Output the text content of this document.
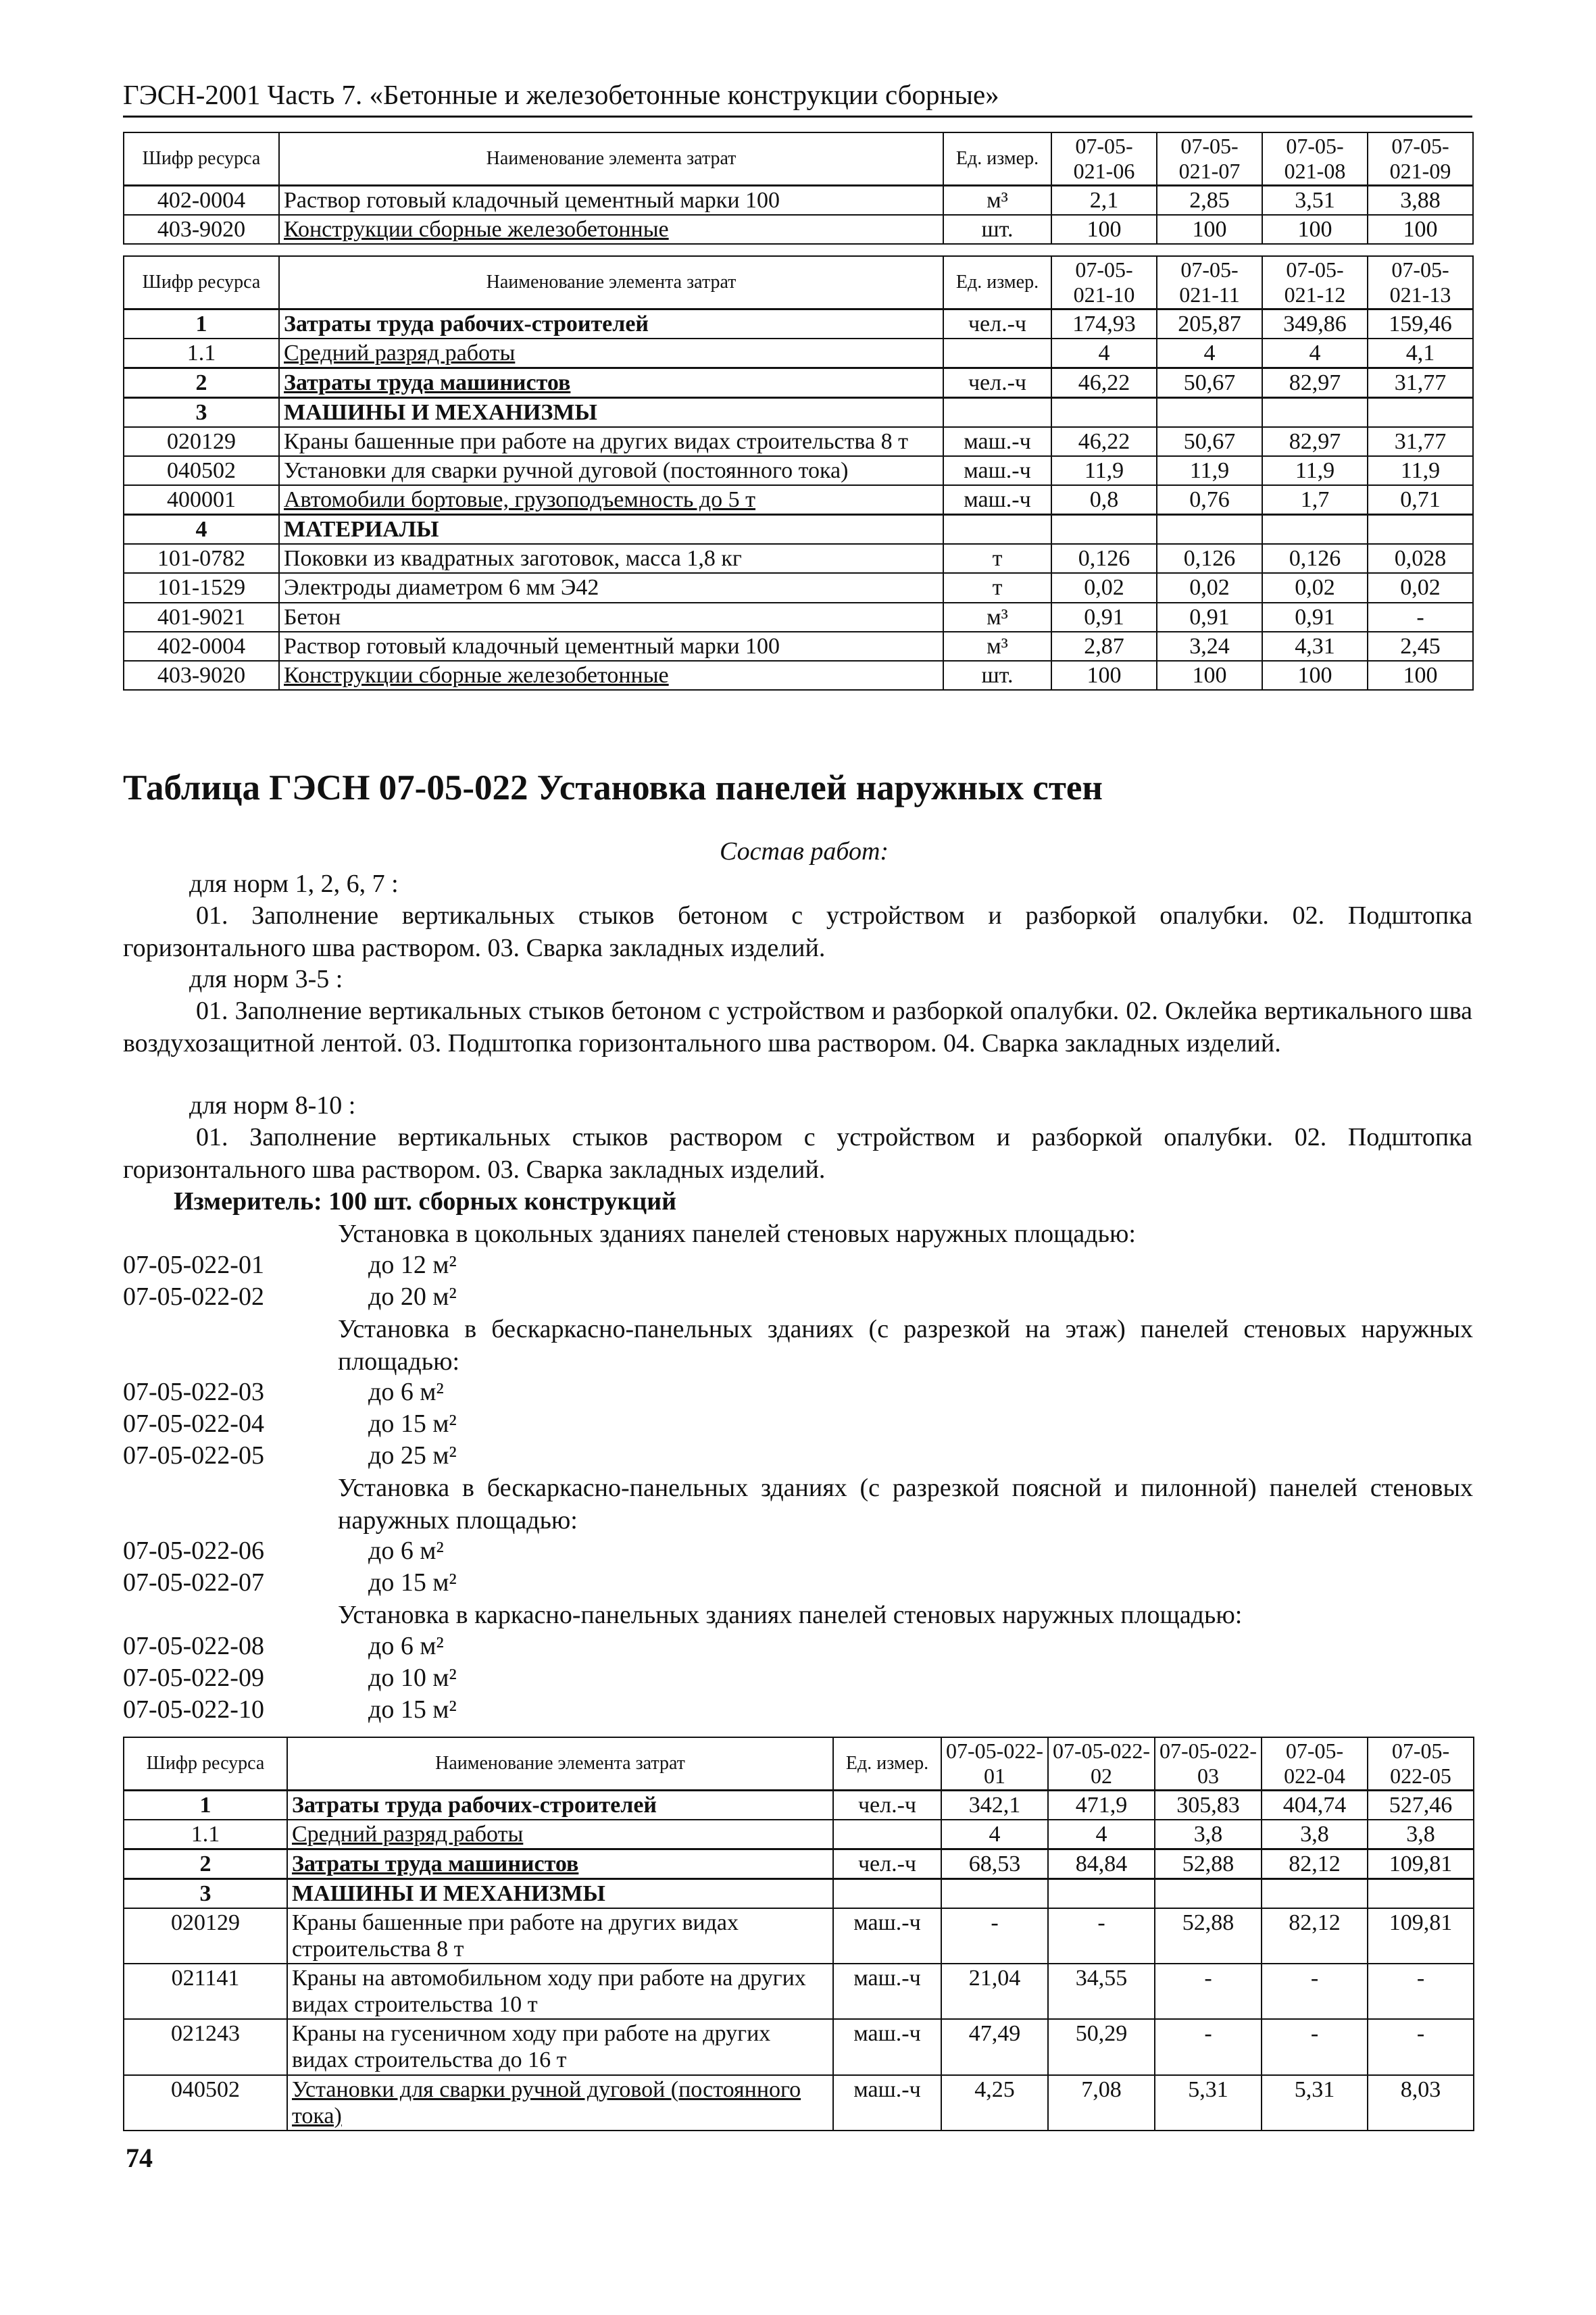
ГЭСН-2001 Часть 7. «Бетонные и железобетонные конструкции сборные»
Шифр ресурса	Наименование элемента затрат	Ед. измер.	07-05-021-06	07-05-021-07	07-05-021-08	07-05-021-09
402-0004	Раствор готовый кладочный цементный марки 100	м³	2,1	2,85	3,51	3,88
403-9020	Конструкции сборные железобетонные	шт.	100	100	100	100
Шифр ресурса	Наименование элемента затрат	Ед. измер.	07-05-021-10	07-05-021-11	07-05-021-12	07-05-021-13
1	Затраты труда рабочих-строителей	чел.-ч	174,93	205,87	349,86	159,46
1.1	Средний разряд работы		4	4	4	4,1
2	Затраты труда машинистов	чел.-ч	46,22	50,67	82,97	31,77
3	МАШИНЫ И МЕХАНИЗМЫ					
020129	Краны башенные при работе на других видах строительства 8 т	маш.-ч	46,22	50,67	82,97	31,77
040502	Установки для сварки ручной дуговой (постоянного тока)	маш.-ч	11,9	11,9	11,9	11,9
400001	Автомобили бортовые, грузоподъемность до 5 т	маш.-ч	0,8	0,76	1,7	0,71
4	МАТЕРИАЛЫ					
101-0782	Поковки из квадратных заготовок, масса 1,8 кг	т	0,126	0,126	0,126	0,028
101-1529	Электроды диаметром 6 мм Э42	т	0,02	0,02	0,02	0,02
401-9021	Бетон	м³	0,91	0,91	0,91	-
402-0004	Раствор готовый кладочный цементный марки 100	м³	2,87	3,24	4,31	2,45
403-9020	Конструкции сборные железобетонные	шт.	100	100	100	100
Таблица ГЭСН 07-05-022 Установка панелей наружных стен
Состав работ:
для норм 1, 2, 6, 7 :
01. Заполнение вертикальных стыков бетоном с устройством и разборкой опалубки. 02. Подштопка горизонтального шва раствором. 03. Сварка закладных изделий.
для норм 3-5 :
01. Заполнение вертикальных стыков бетоном с устройством и разборкой опалубки. 02. Оклейка вертикального шва воздухозащитной лентой. 03. Подштопка горизонтального шва раствором. 04. Сварка закладных изделий.
для норм 8-10 :
01. Заполнение вертикальных стыков раствором с устройством и разборкой опалубки. 02. Подштопка горизонтального шва раствором. 03. Сварка закладных изделий.
Измеритель: 100 шт. сборных конструкций
Установка в цокольных зданиях панелей стеновых наружных площадью:
07-05-022-01	до 12 м²
07-05-022-02	до 20 м²
Установка в бескаркасно-панельных зданиях (с разрезкой на этаж) панелей стеновых наружных площадью:
07-05-022-03	до 6 м²
07-05-022-04	до 15 м²
07-05-022-05	до 25 м²
Установка в бескаркасно-панельных зданиях (с разрезкой поясной и пилонной) панелей стеновых наружных площадью:
07-05-022-06	до 6 м²
07-05-022-07	до 15 м²
Установка в каркасно-панельных зданиях панелей стеновых наружных площадью:
07-05-022-08	до 6 м²
07-05-022-09	до 10 м²
07-05-022-10	до 15 м²
Шифр ресурса	Наименование элемента затрат	Ед. измер.	07-05-022-01	07-05-022-02	07-05-022-03	07-05-022-04	07-05-022-05
1	Затраты труда рабочих-строителей	чел.-ч	342,1	471,9	305,83	404,74	527,46
1.1	Средний разряд работы		4	4	3,8	3,8	3,8
2	Затраты труда машинистов	чел.-ч	68,53	84,84	52,88	82,12	109,81
3	МАШИНЫ И МЕХАНИЗМЫ						
020129	Краны башенные при работе на других видах строительства 8 т	маш.-ч	-	-	52,88	82,12	109,81
021141	Краны на автомобильном ходу при работе на других видах строительства 10 т	маш.-ч	21,04	34,55	-	-	-
021243	Краны на гусеничном ходу при работе на других видах строительства до 16 т	маш.-ч	47,49	50,29	-	-	-
040502	Установки для сварки ручной дуговой (постоянного тока)	маш.-ч	4,25	7,08	5,31	5,31	8,03
74
